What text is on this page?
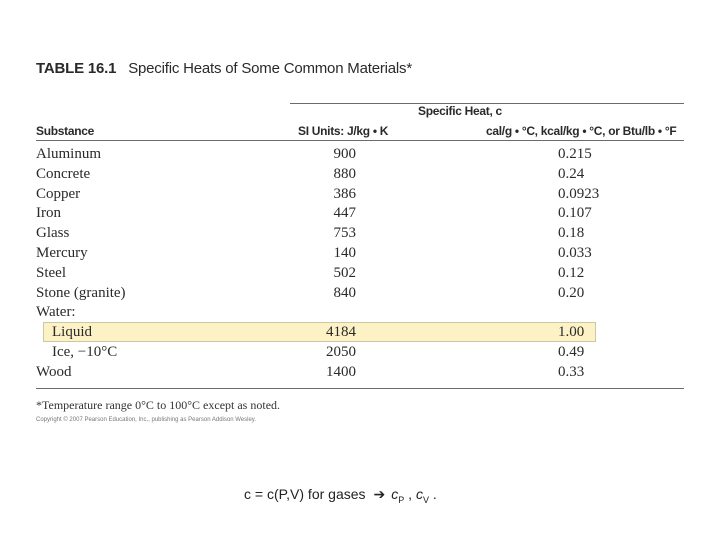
TABLE 16.1 Specific Heats of Some Common Materials*
Specific Heat, c
Substance	SI Units: J/kg • K	cal/g • °C, kcal/kg • °C, or Btu/lb • °F
Aluminum	900	0.215
Concrete	880	0.24
Copper	386	0.0923
Iron	447	0.107
Glass	753	0.18
Mercury	140	0.033
Steel	502	0.12
Stone (granite)	840	0.20
Water:
Liquid	4184	1.00
Ice, −10°C	2050	0.49
Wood	1400	0.33
*Temperature range 0°C to 100°C except as noted.
Copyright © 2007 Pearson Education, Inc., publishing as Pearson Addison Wesley.
c = c(P,V) for gases ➔ $c_P$ , $c_V$ .
